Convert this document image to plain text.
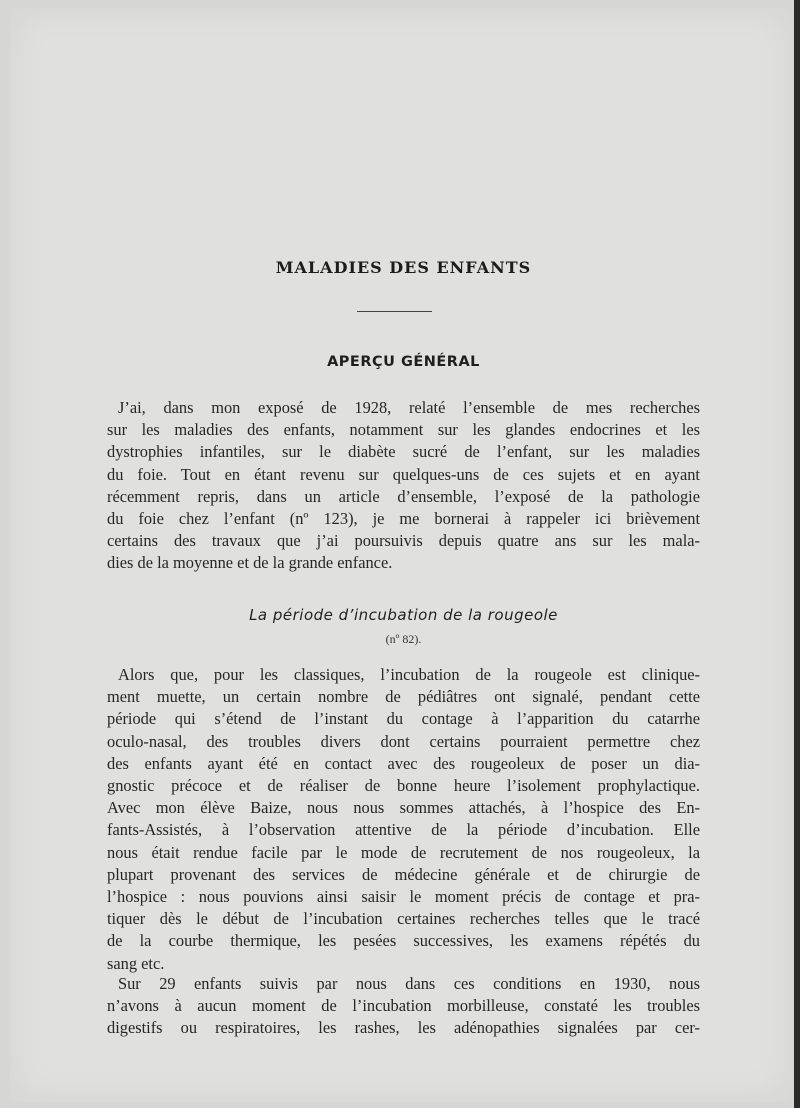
MALADIES DES ENFANTS
APERÇU GÉNÉRAL

J’ai, dans mon exposé de 1928, relaté l’ensemble de mes recherches
sur les maladies des enfants, notamment sur les glandes endocrines et les
dystrophies infantiles, sur le diabète sucré de l’enfant, sur les maladies
du foie. Tout en étant revenu sur quelques-uns de ces sujets et en ayant
récemment repris, dans un article d’ensemble, l’exposé de la pathologie
du foie chez l’enfant (nº 123), je me bornerai à rappeler ici brièvement
certains des travaux que j’ai poursuivis depuis quatre ans sur les mala-
dies de la moyenne et de la grande enfance.

La période d’incubation de la rougeole
(nº 82).

Alors que, pour les classiques, l’incubation de la rougeole est clinique-
ment muette, un certain nombre de pédiâtres ont signalé, pendant cette
période qui s’étend de l’instant du contage à l’apparition du catarrhe
oculo-nasal, des troubles divers dont certains pourraient permettre chez
des enfants ayant été en contact avec des rougeoleux de poser un dia-
gnostic précoce et de réaliser de bonne heure l’isolement prophylactique.
Avec mon élève Baize, nous nous sommes attachés, à l’hospice des En-
fants-Assistés, à l’observation attentive de la période d’incubation. Elle
nous était rendue facile par le mode de recrutement de nos rougeoleux, la
plupart provenant des services de médecine générale et de chirurgie de
l’hospice : nous pouvions ainsi saisir le moment précis de contage et pra-
tiquer dès le début de l’incubation certaines recherches telles que le tracé
de la courbe thermique, les pesées successives, les examens répétés du
sang etc.

Sur 29 enfants suivis par nous dans ces conditions en 1930, nous
n’avons à aucun moment de l’incubation morbilleuse, constaté les troubles
digestifs ou respiratoires, les rashes, les adénopathies signalées par cer-
